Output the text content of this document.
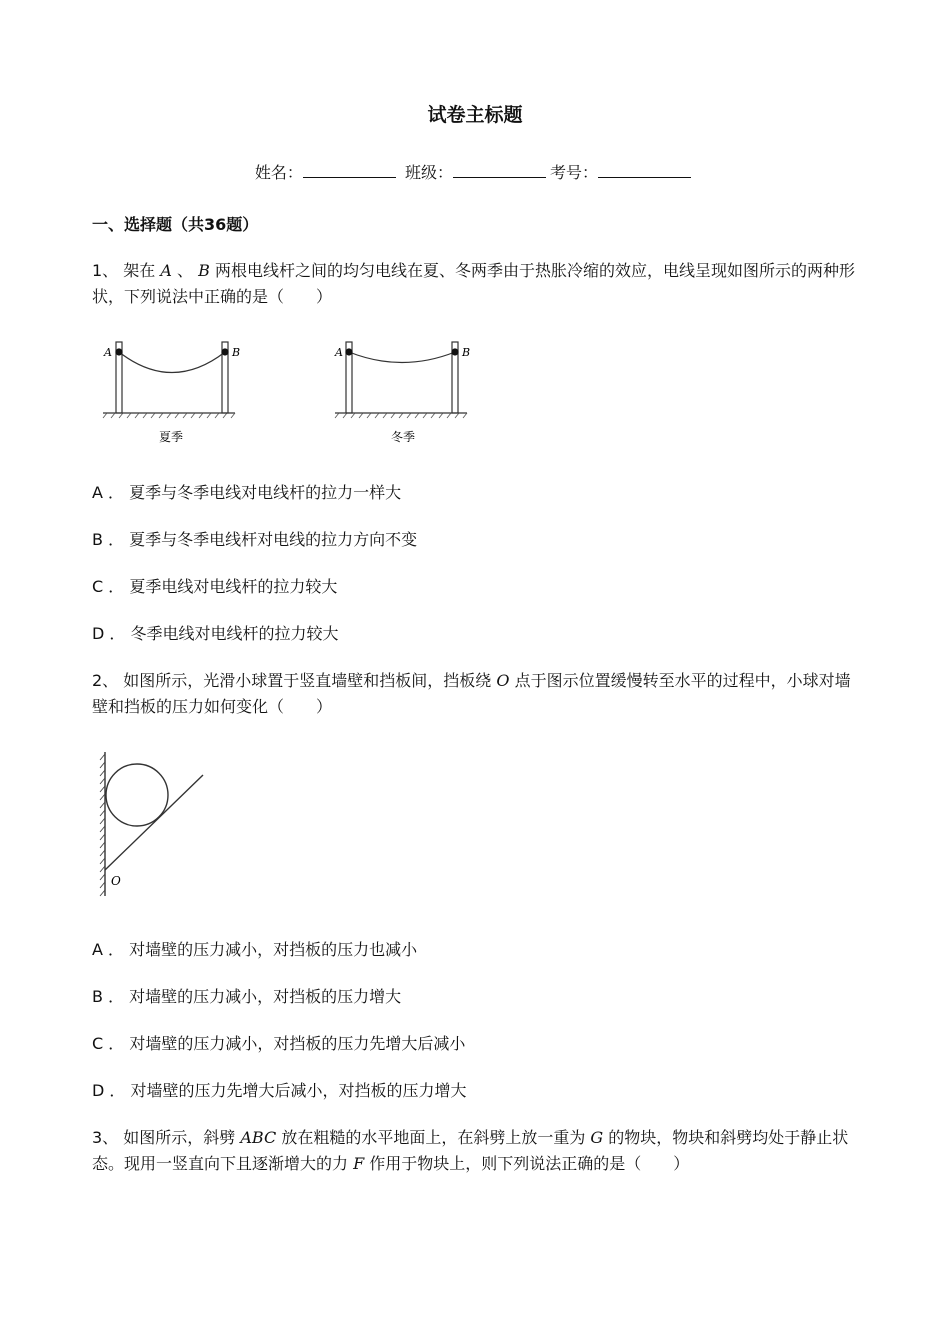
试卷主标题
姓名：	班级：	考号：
一、选择题（共36题）
1、 架在 A 、 B 两根电线杆之间的均匀电线在夏、冬两季由于热胀冷缩的效应，电线呈现如图所示的两种形状，下列说法中正确的是（　　）
A	B
夏季
A	B
冬季
A ． 夏季与冬季电线对电线杆的拉力一样大
B ． 夏季与冬季电线杆对电线的拉力方向不变
C ． 夏季电线对电线杆的拉力较大
D ． 冬季电线对电线杆的拉力较大
2、 如图所示，光滑小球置于竖直墙壁和挡板间，挡板绕 O 点于图示位置缓慢转至水平的过程中，小球对墙壁和挡板的压力如何变化（　　）
O
A ． 对墙壁的压力减小，对挡板的压力也减小
B ． 对墙壁的压力减小，对挡板的压力增大
C ． 对墙壁的压力减小，对挡板的压力先增大后减小
D ． 对墙壁的压力先增大后减小，对挡板的压力增大
3、 如图所示，斜劈 ABC 放在粗糙的水平地面上，在斜劈上放一重为 G 的物块，物块和斜劈均处于静止状态。现用一竖直向下且逐渐增大的力 F 作用于物块上，则下列说法正确的是（　　）
